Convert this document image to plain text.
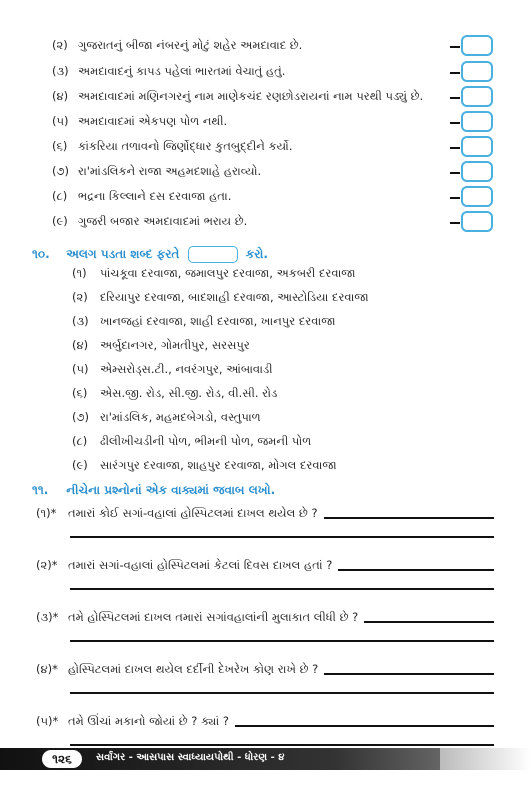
(૨) ગુજરાતનું બીજા નંબરનું મોટું શહેર અમદાવાદ છે.
(૩) અમદાવાદનું કાપડ પહેલાં ભારતમાં વેચાતું હતું.
(૪) અમદાવાદમાં મણિનગરનું નામ માણેકચંદ રણછોડરાયનાં નામ પરથી પડ્યું છે.
(૫) અમદાવાદમાં એકપણ પોળ નથી.
(૬) કાંકરિયા તળાવનો જિર્ણોદ્ધાર કુતબુદ્દીને કર્યો.
(૭) રા'માંડલિકને રાજા અહમદશાહે હરાવ્યો.
(૮) ભદ્રના કિલ્લાને દસ દરવાજા હતા.
(૯) ગુજરી બજાર અમદાવાદમાં ભરાય છે.
૧૦. અલગ પડતા શબ્દ ફરતે	કરો.
(૧) પાંચકૂવા દરવાજા, જમાલપુર દરવાજા, અકબરી દરવાજા
(૨) દરિયાપુર દરવાજા, બાદશાહી દરવાજા, આસ્ટોડિયા દરવાજા
(૩) ખાનજહાં દરવાજા, શાહી દરવાજા, ખાનપુર દરવાજા
(૪) અર્બુદાનગર, ગોમતીપુર, સરસપુર
(૫) એમ્સરોડ્સ.ટી., નવરંગપુર, આંબાવાડી
(૬) એસ.જી. રોડ, સી.જી. રોડ, વી.સી. રોડ
(૭) રા'માંડલિક, મહમદબેગડો, વસ્તુપાળ
(૮) ઢીલીખીચડીની પોળ, ભીમની પોળ, જમની પોળ
(૯) સારંગપુર દરવાજા, શાહપુર દરવાજા, મોગલ દરવાજા
૧૧. નીચેના પ્રશ્નોનાં એક વાક્યમાં જવાબ લખો.
(૧)* તમારાં કોઈ સગાં-વહાલાં હોસ્પિટલમાં દાખલ થયેલ છે ?
(૨)* તમારાં સગાં-વહાલાં હોસ્પિટલમાં કેટલાં દિવસ દાખલ હતાં ?
(૩)* તમે હોસ્પિટલમાં દાખલ તમારાં સગાંવહાલાંની મુલાકાત લીધી છે ?
(૪)* હોસ્પિટલમાં દાખલ થયેલ દર્દીની દેખરેખ કોણ રાખે છે ?
(૫)* તમે ઊંચાં મકાનો જોયાં છે ? ક્યાં ?
૧૨૬	સર્વાંગર - આસપાસ સ્વાધ્યાયપોથી - ધોરણ - ૪
